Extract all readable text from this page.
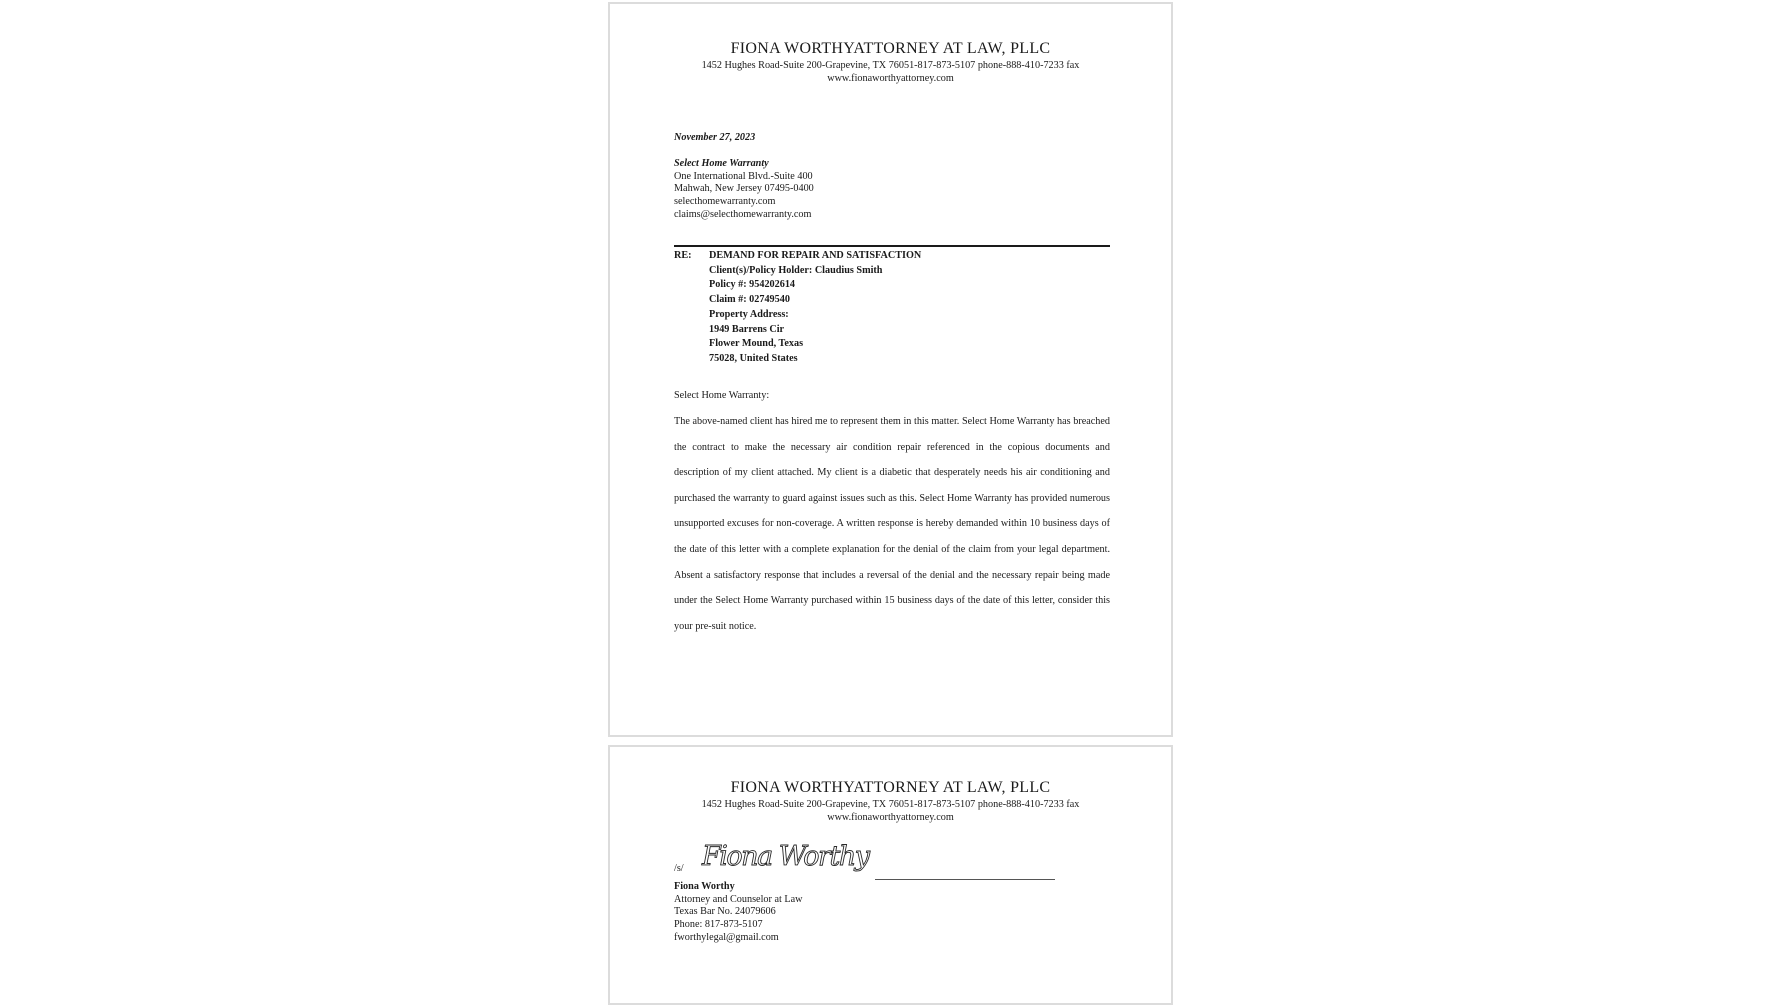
FIONA WORTHYATTORNEY AT LAW, PLLC
1452 Hughes Road-Suite 200-Grapevine, TX 76051-817-873-5107 phone-888-410-7233 fax
www.fionaworthyattorney.com
November 27, 2023
Select Home Warranty
One International Blvd.-Suite 400
Mahwah, New Jersey 07495-0400
selecthomewarranty.com
claims@selecthomewarranty.com
RE: DEMAND FOR REPAIR AND SATISFACTION
Client(s)/Policy Holder: Claudius Smith
Policy #: 954202614
Claim #: 02749540
Property Address:
1949 Barrens Cir
Flower Mound, Texas
75028, United States
Select Home Warranty:
The above-named client has hired me to represent them in this matter. Select Home Warranty has breached the contract to make the necessary air condition repair referenced in the copious documents and description of my client attached. My client is a diabetic that desperately needs his air conditioning and purchased the warranty to guard against issues such as this. Select Home Warranty has provided numerous unsupported excuses for non-coverage. A written response is hereby demanded within 10 business days of the date of this letter with a complete explanation for the denial of the claim from your legal department. Absent a satisfactory response that includes a reversal of the denial and the necessary repair being made under the Select Home Warranty purchased within 15 business days of the date of this letter, consider this your pre-suit notice.
FIONA WORTHYATTORNEY AT LAW, PLLC
1452 Hughes Road-Suite 200-Grapevine, TX 76051-817-873-5107 phone-888-410-7233 fax
www.fionaworthyattorney.com
/s/ Fiona Worthy
Fiona Worthy
Attorney and Counselor at Law
Texas Bar No. 24079606
Phone: 817-873-5107
fworthylegal@gmail.com
